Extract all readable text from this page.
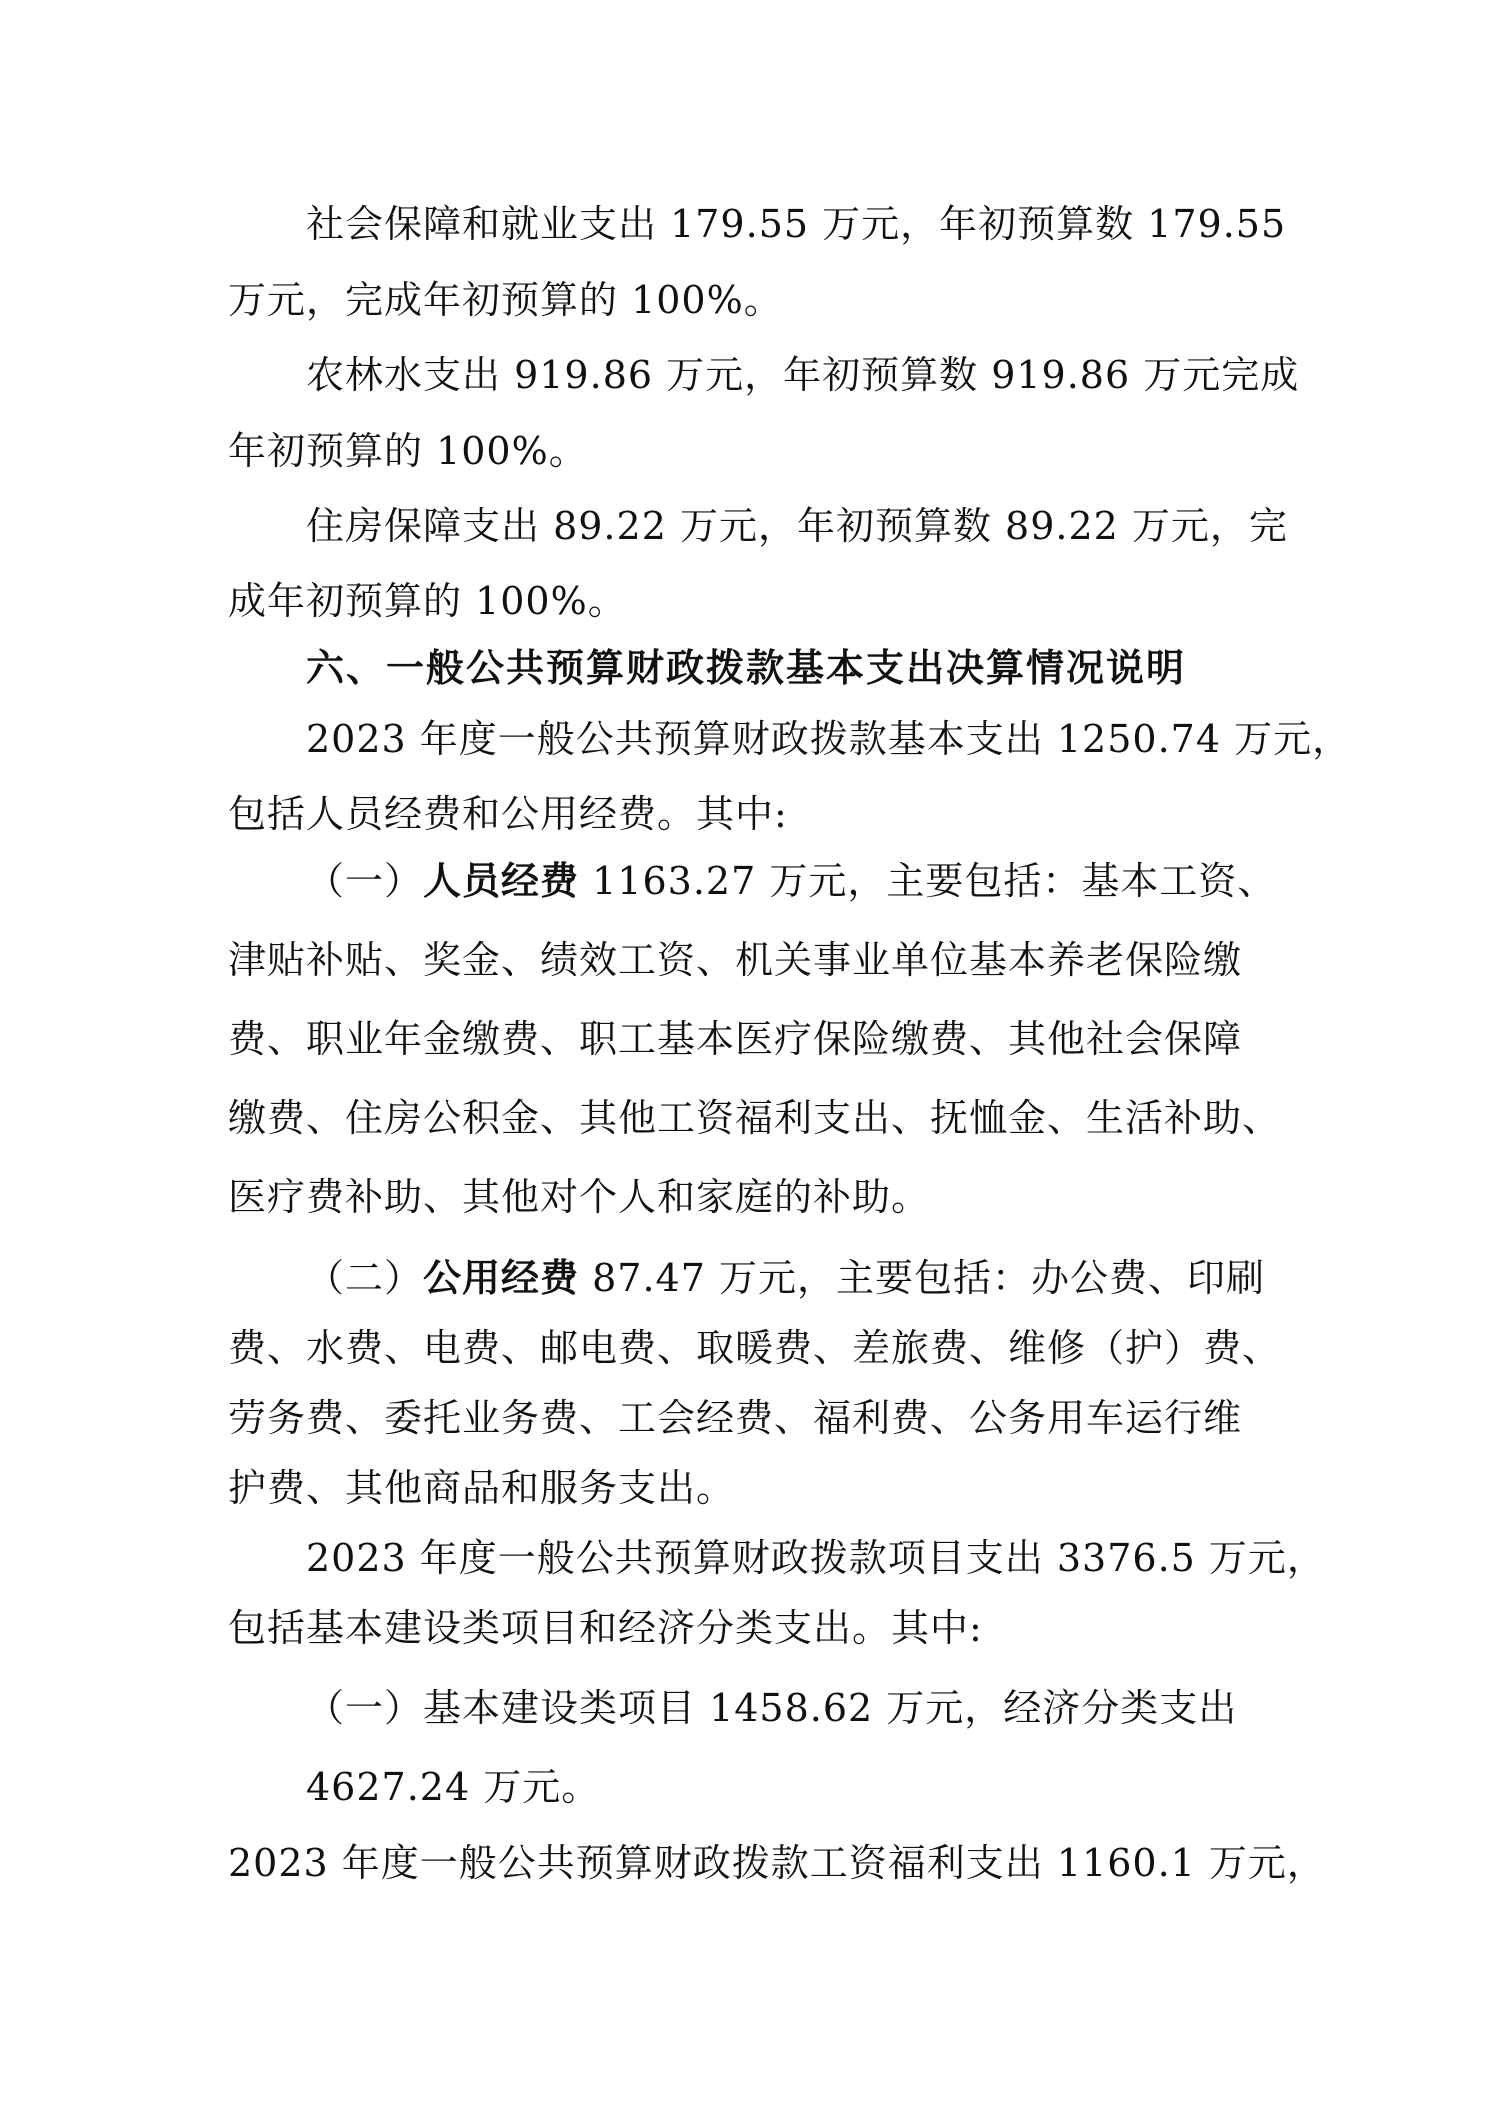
社会保障和就业支出 179.55 万元，年初预算数 179.55
万元，完成年初预算的 100%。
农林水支出 919.86 万元，年初预算数 919.86 万元完成
年初预算的 100%。
住房保障支出 89.22 万元，年初预算数 89.22 万元，完
成年初预算的 100%。
六、一般公共预算财政拨款基本支出决算情况说明
2023 年度一般公共预算财政拨款基本支出 1250.74 万元，
包括人员经费和公用经费。其中:
（一）人员经费 1163.27 万元，主要包括：基本工资、
津贴补贴、奖金、绩效工资、机关事业单位基本养老保险缴
费、职业年金缴费、职工基本医疗保险缴费、其他社会保障
缴费、住房公积金、其他工资福利支出、抚恤金、生活补助、
医疗费补助、其他对个人和家庭的补助。
（二）公用经费 87.47 万元，主要包括：办公费、印刷
费、水费、电费、邮电费、取暖费、差旅费、维修（护）费、
劳务费、委托业务费、工会经费、福利费、公务用车运行维
护费、其他商品和服务支出。
2023 年度一般公共预算财政拨款项目支出 3376.5 万元，
包括基本建设类项目和经济分类支出。其中:
（一）基本建设类项目 1458.62 万元，经济分类支出
4627.24 万元。
2023 年度一般公共预算财政拨款工资福利支出 1160.1 万元，
